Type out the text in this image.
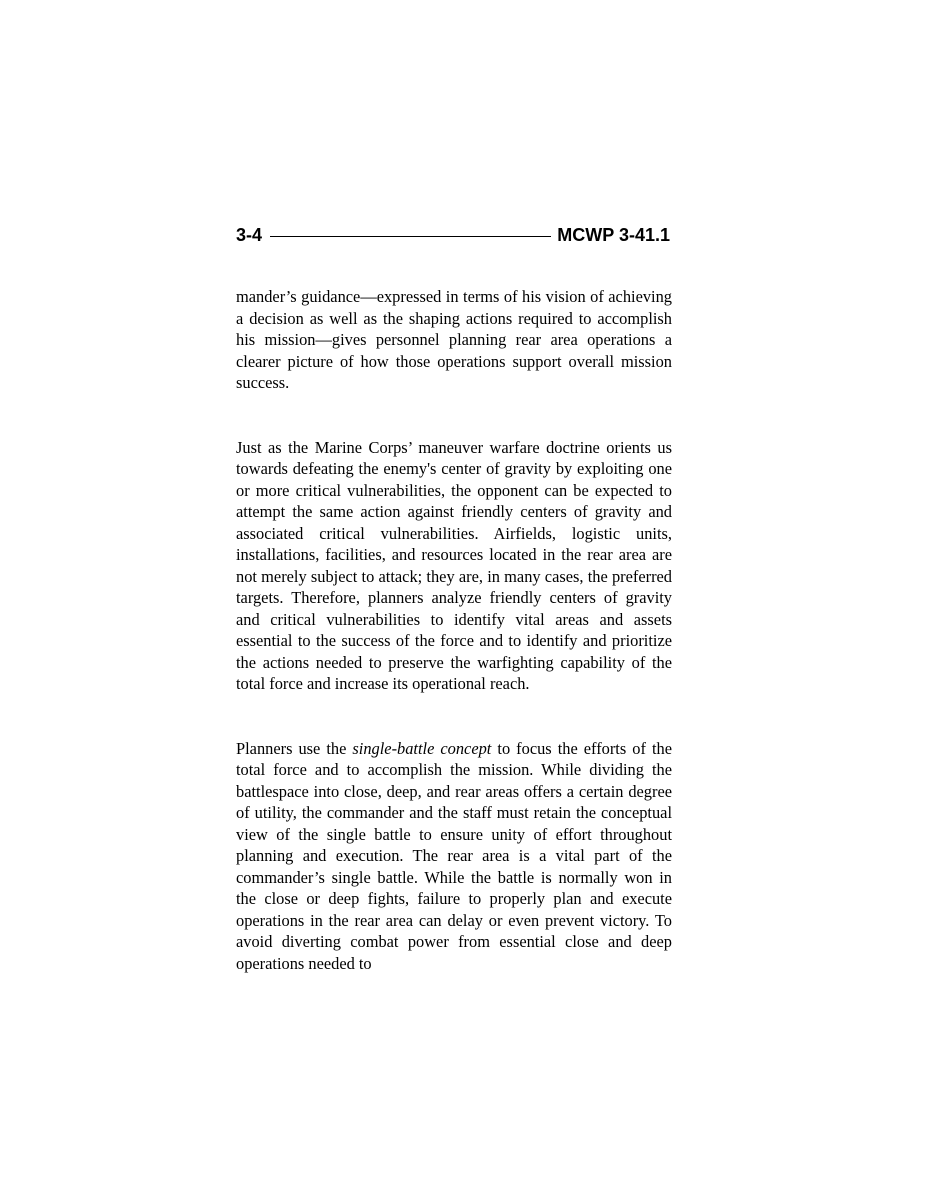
3-4	MCWP 3-41.1

mander’s guidance—expressed in terms of his vision of achieving a decision as well as the shaping actions required to accomplish his mission—gives personnel planning rear area operations a clearer picture of how those operations support overall mission success.

Just as the Marine Corps’ maneuver warfare doctrine orients us towards defeating the enemy's center of gravity by exploiting one or more critical vulnerabilities, the opponent can be expected to attempt the same action against friendly centers of gravity and associated critical vulnerabilities. Airfields, logistic units, installations, facilities, and resources located in the rear area are not merely subject to attack; they are, in many cases, the preferred targets. Therefore, planners analyze friendly centers of gravity and critical vulnerabilities to identify vital areas and assets essential to the success of the force and to identify and prioritize the actions needed to preserve the warfighting capability of the total force and increase its operational reach.

Planners use the single-battle concept to focus the efforts of the total force and to accomplish the mission. While dividing the battlespace into close, deep, and rear areas offers a certain degree of utility, the commander and the staff must retain the conceptual view of the single battle to ensure unity of effort throughout planning and execution. The rear area is a vital part of the commander’s single battle. While the battle is normally won in the close or deep fights, failure to properly plan and execute operations in the rear area can delay or even prevent victory. To avoid diverting combat power from essential close and deep operations needed to
